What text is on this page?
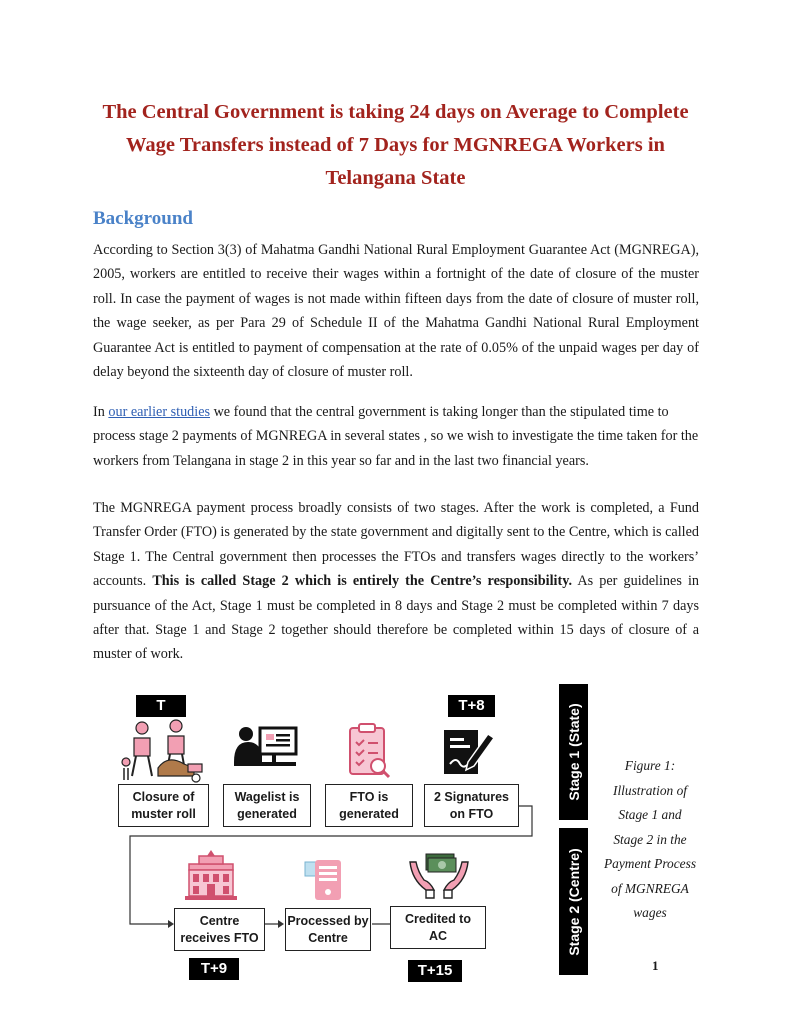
The Central Government is taking 24 days on Average to Complete
Wage Transfers instead of 7 Days for MGNREGA Workers in
Telangana State
Background
According to Section 3(3) of Mahatma Gandhi National Rural Employment Guarantee Act (MGNREGA), 2005, workers are entitled to receive their wages within a fortnight of the date of closure of the muster roll. In case the payment of wages is not made within fifteen days from the date of closure of muster roll, the wage seeker, as per Para 29 of Schedule II of the Mahatma Gandhi National Rural Employment Guarantee Act is entitled to payment of compensation at the rate of 0.05% of the unpaid wages per day of delay beyond the sixteenth day of closure of muster roll.
In our earlier studies we found that the central government is taking longer than the stipulated time to process stage 2 payments of MGNREGA in several states , so we wish to investigate the time taken for the workers from Telangana in stage 2 in this year so far and in the last two financial years.
The MGNREGA payment process broadly consists of two stages. After the work is completed, a Fund Transfer Order (FTO) is generated by the state government and digitally sent to the Centre, which is called Stage 1. The Central government then processes the FTOs and transfers wages directly to the workers’ accounts. This is called Stage 2 which is entirely the Centre’s responsibility. As per guidelines in pursuance of the Act, Stage 1 must be completed in 8 days and Stage 2 must be completed within 7 days after that. Stage 1 and Stage 2 together should therefore be completed within 15 days of closure of a muster of work.
T	T+8
T+9	T+15
Closure of
muster roll
Wagelist is
generated
FTO is
generated
2 Signatures
on FTO
Centre
receives FTO
Processed by
Centre
Credited to
AC
Stage 1 (State)
Stage 2 (Centre)
Figure 1:
Illustration of
Stage 1 and
Stage 2 in the
Payment Process
of MGNREGA
wages
1
